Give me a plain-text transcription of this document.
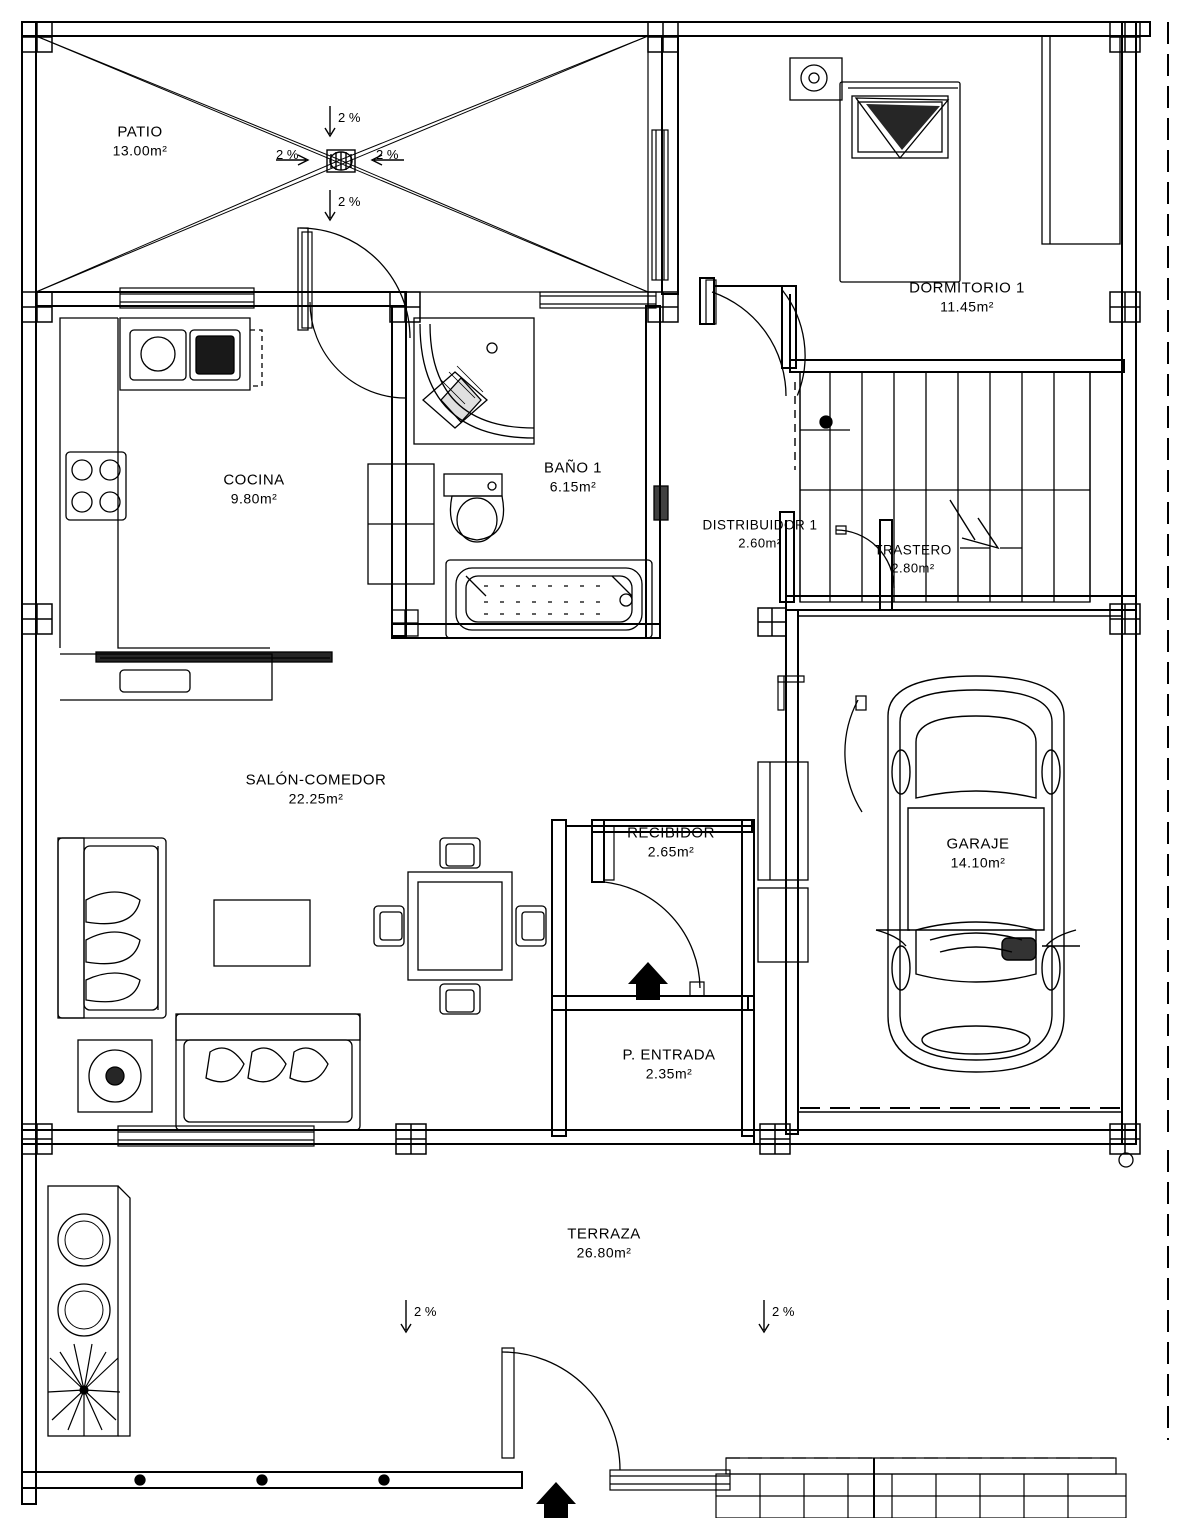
PATIO
13.00m²
DORMITORIO 1
11.45m²
COCINA
9.80m²
BAÑO 1
6.15m²
DISTRIBUIDOR 1
2.60m²	TRASTERO
2.80m²
SALÓN-COMEDOR
22.25m²
RECIBIDOR
2.65m²	GARAJE
14.10m²
P. ENTRADA
2.35m²
TERRAZA
26.80m²
2 %
2 %	2 %
2 %
2 %	2 %
